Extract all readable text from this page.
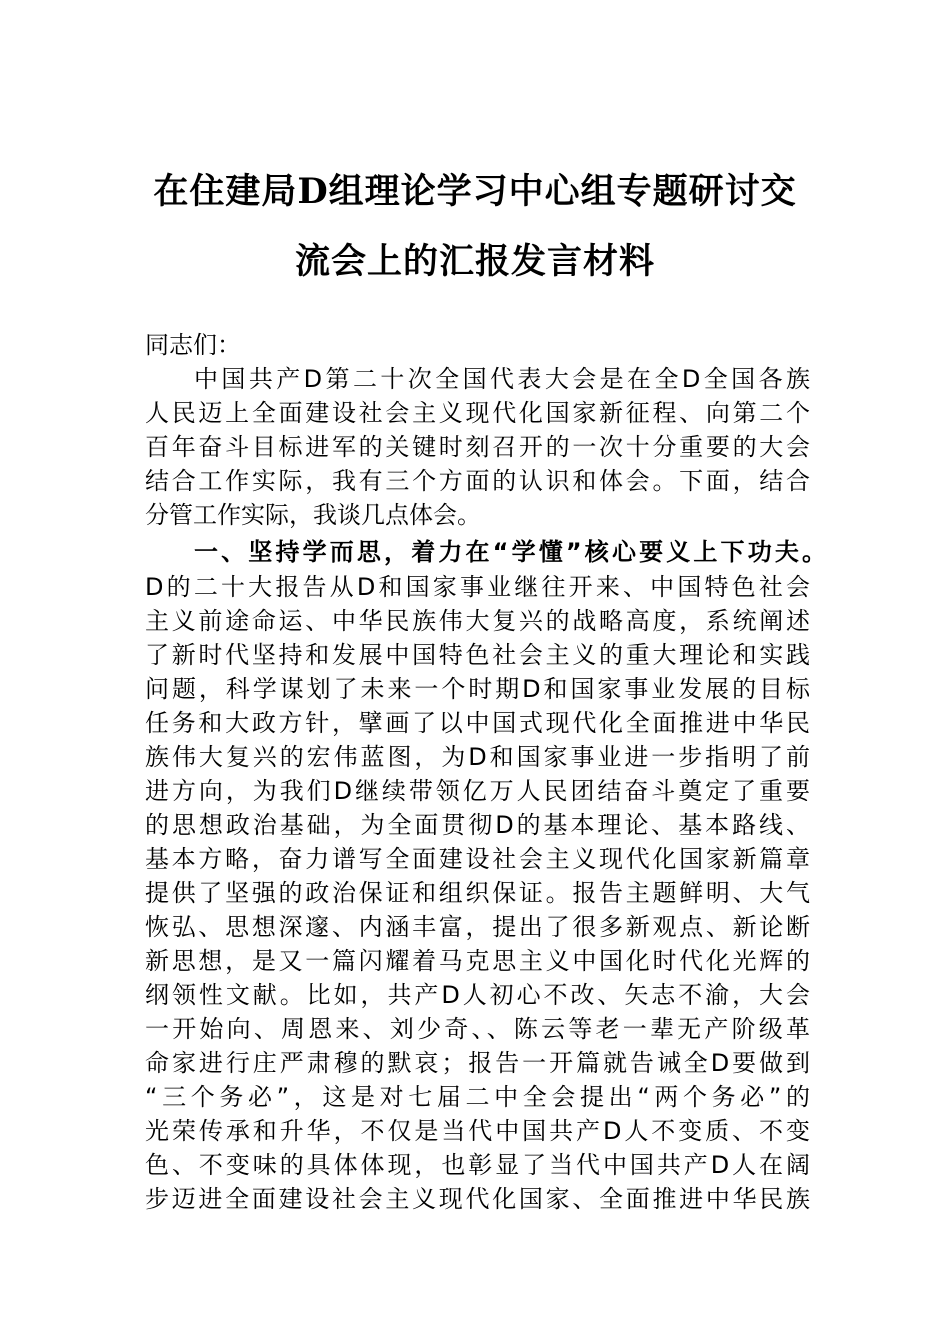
在住建局D组理论学习中心组专题研讨交
流会上的汇报发言材料
同志们：
中国共产D第二十次全国代表大会是在全D全国各族
人民迈上全面建设社会主义现代化国家新征程、向第二个
百年奋斗目标进军的关键时刻召开的一次十分重要的大会
结合工作实际，我有三个方面的认识和体会。下面，结合
分管工作实际，我谈几点体会。
一、坚持学而思，着力在“学懂”核心要义上下功夫。
D的二十大报告从D和国家事业继往开来、中国特色社会
主义前途命运、中华民族伟大复兴的战略高度，系统阐述
了新时代坚持和发展中国特色社会主义的重大理论和实践
问题，科学谋划了未来一个时期D和国家事业发展的目标
任务和大政方针，擘画了以中国式现代化全面推进中华民
族伟大复兴的宏伟蓝图，为D和国家事业进一步指明了前
进方向，为我们D继续带领亿万人民团结奋斗奠定了重要
的思想政治基础，为全面贯彻D的基本理论、基本路线、
基本方略，奋力谱写全面建设社会主义现代化国家新篇章
提供了坚强的政治保证和组织保证。报告主题鲜明、大气
恢弘、思想深邃、内涵丰富，提出了很多新观点、新论断
新思想，是又一篇闪耀着马克思主义中国化时代化光辉的
纲领性文献。比如，共产D人初心不改、矢志不渝，大会
一开始向、周恩来、刘少奇、、陈云等老一辈无产阶级革
命家进行庄严肃穆的默哀；报告一开篇就告诫全D要做到
“三个务必”，这是对七届二中全会提出“两个务必”的
光荣传承和升华，不仅是当代中国共产D人不变质、不变
色、不变味的具体体现，也彰显了当代中国共产D人在阔
步迈进全面建设社会主义现代化国家、全面推进中华民族
